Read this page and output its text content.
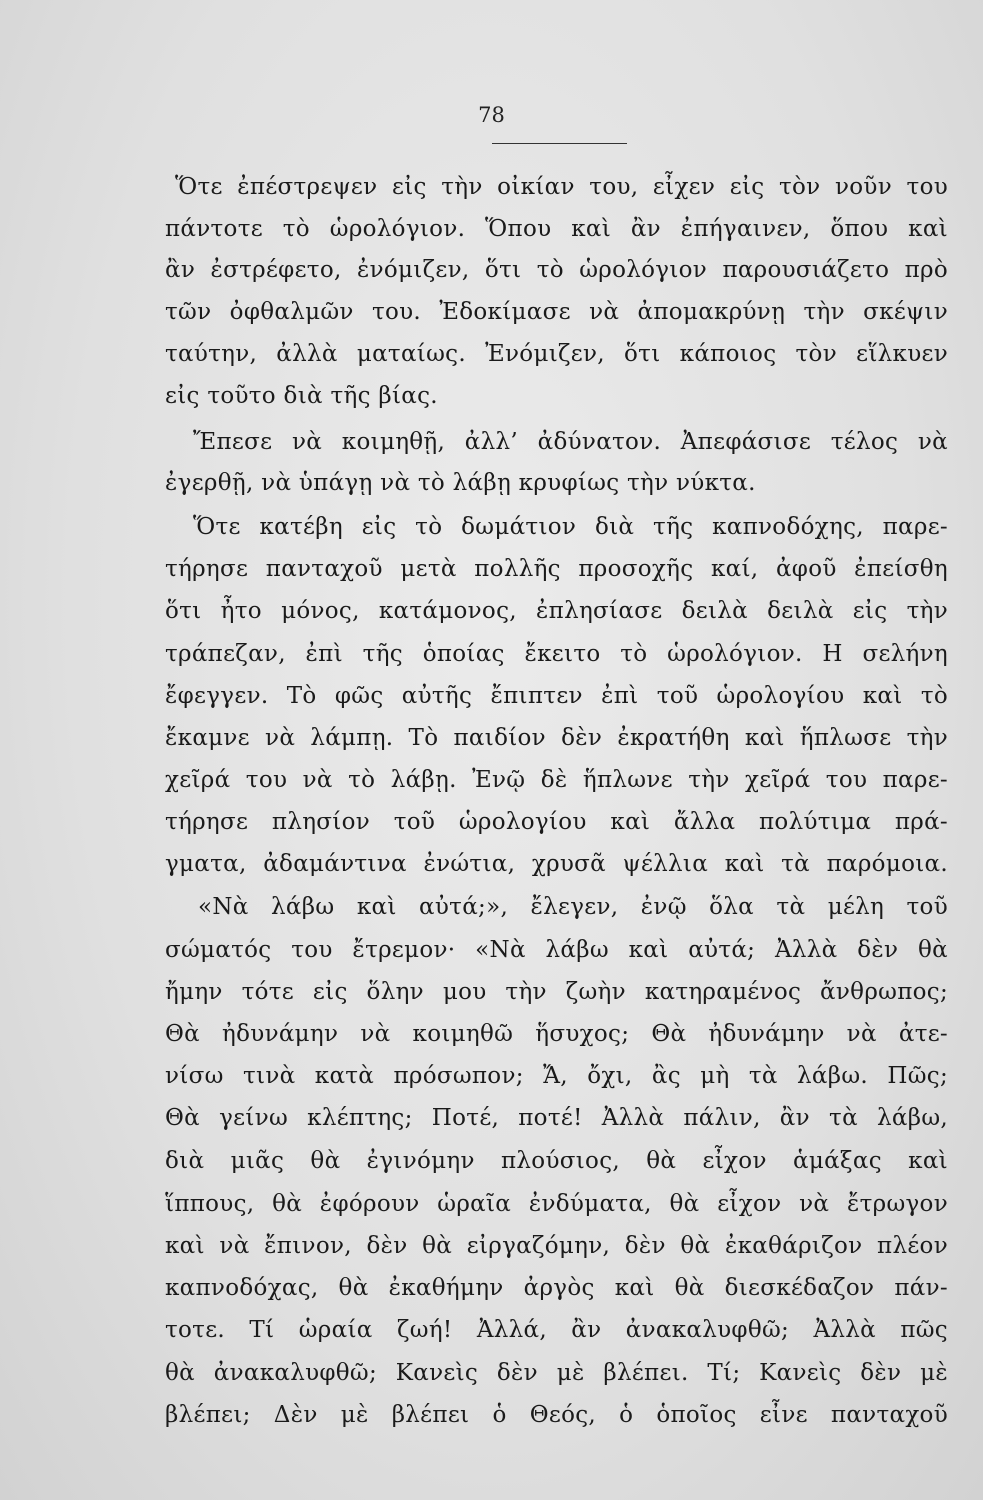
78
Ὅτε ἐπέστρεψεν εἰς τὴν οἰκίαν του, εἶχεν εἰς τὸν νοῦν του
πάντοτε τὸ ὡρολόγιον. Ὅπου καὶ ἂν ἐπήγαινεν, ὅπου καὶ
ἂν ἐστρέφετο, ἐνόμιζεν, ὅτι τὸ ὡρολόγιον παρουσιάζετο πρὸ
τῶν ὀφθαλμῶν του. Ἐδοκίμασε νὰ ἀπομακρύνῃ τὴν σκέψιν
ταύτην, ἀλλὰ ματαίως. Ἐνόμιζεν, ὅτι κάποιος τὸν εἵλκυεν
εἰς τοῦτο διὰ τῆς βίας.
Ἔπεσε νὰ κοιμηθῇ, ἀλλ’ ἀδύνατον. Ἀπεφάσισε τέλος νὰ
ἐγερθῇ, νὰ ὑπάγῃ νὰ τὸ λάβῃ κρυφίως τὴν νύκτα.
Ὅτε κατέβη εἰς τὸ δωμάτιον διὰ τῆς καπνοδόχης, παρε-
τήρησε πανταχοῦ μετὰ πολλῆς προσοχῆς καί, ἀφοῦ ἐπείσθη
ὅτι ἦτο μόνος, κατάμονος, ἐπλησίασε δειλὰ δειλὰ εἰς τὴν
τράπεζαν, ἐπὶ τῆς ὁποίας ἔκειτο τὸ ὡρολόγιον. Η σελήνη
ἔφεγγεν. Τὸ φῶς αὐτῆς ἔπιπτεν ἐπὶ τοῦ ὡρολογίου καὶ τὸ
ἔκαμνε νὰ λάμπῃ. Τὸ παιδίον δὲν ἐκρατήθη καὶ ἥπλωσε τὴν
χεῖρά του νὰ τὸ λάβῃ. Ἐνῷ δὲ ἥπλωνε τὴν χεῖρά του παρε-
τήρησε πλησίον τοῦ ὡρολογίου καὶ ἄλλα πολύτιμα πρά-
γματα, ἀδαμάντινα ἐνώτια, χρυσᾶ ψέλλια καὶ τὰ παρόμοια.
«Νὰ λάβω καὶ αὐτά;», ἔλεγεν, ἐνῷ ὅλα τὰ μέλη τοῦ
σώματός του ἔτρεμον· «Νὰ λάβω καὶ αὐτά; Ἀλλὰ δὲν θὰ
ἤμην τότε εἰς ὅλην μου τὴν ζωὴν κατηραμένος ἄνθρωπος;
Θὰ ἠδυνάμην νὰ κοιμηθῶ ἥσυχος; Θὰ ἠδυνάμην νὰ ἀτε-
νίσω τινὰ κατὰ πρόσωπον; Ἄ, ὄχι, ἂς μὴ τὰ λάβω. Πῶς;
Θὰ γείνω κλέπτης; Ποτέ, ποτέ! Ἀλλὰ πάλιν, ἂν τὰ λάβω,
διὰ μιᾶς θὰ ἐγινόμην πλούσιος, θὰ εἶχον ἁμάξας καὶ
ἵππους, θὰ ἐφόρουν ὡραῖα ἐνδύματα, θὰ εἶχον νὰ ἔτρωγον
καὶ νὰ ἔπινον, δὲν θὰ εἰργαζόμην, δὲν θὰ ἐκαθάριζον πλέον
καπνοδόχας, θὰ ἐκαθήμην ἀργὸς καὶ θὰ διεσκέδαζον πάν-
τοτε. Τί ὡραία ζωή! Ἀλλά, ἂν ἀνακαλυφθῶ; Ἀλλὰ πῶς
θὰ ἀνακαλυφθῶ; Κανεὶς δὲν μὲ βλέπει. Τί; Κανεὶς δὲν μὲ
βλέπει; Δὲν μὲ βλέπει ὁ Θεός, ὁ ὁποῖος εἶνε πανταχοῦ
